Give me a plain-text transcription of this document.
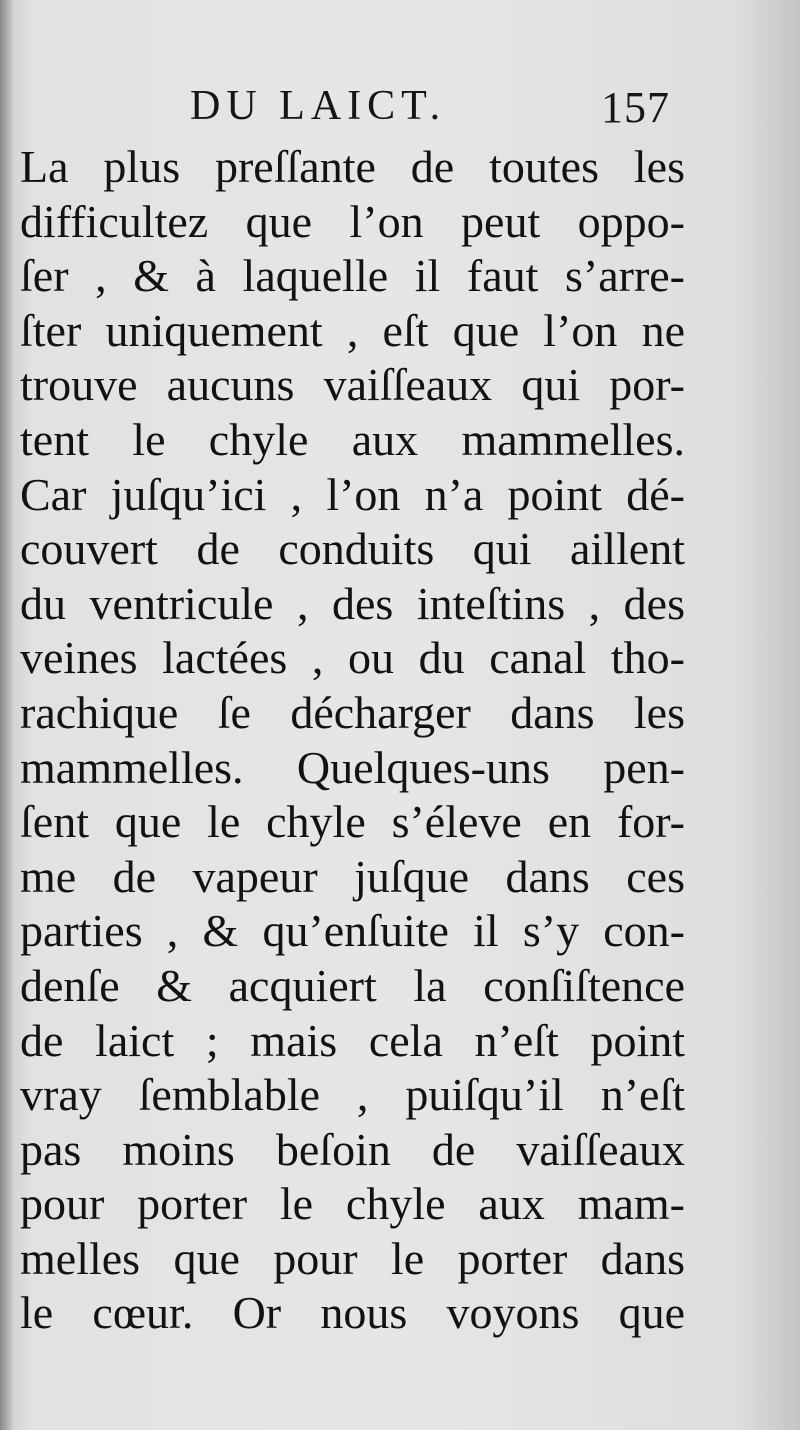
DU LAICT.	157
La plus preſſante de toutes les
difficultez que l’on peut oppo-
ſer , & à laquelle il faut s’arre-
ſter uniquement , eſt que l’on ne
trouve aucuns vaiſſeaux qui por-
tent le chyle aux mammelles.
Car juſqu’ici , l’on n’a point dé-
couvert de conduits qui aillent
du ventricule , des inteſtins , des
veines lactées , ou du canal tho-
rachique ſe décharger dans les
mammelles. Quelques-uns pen-
ſent que le chyle s’éleve en for-
me de vapeur juſque dans ces
parties , & qu’enſuite il s’y con-
denſe & acquiert la conſiſtence
de laict ; mais cela n’eſt point
vray ſemblable , puiſqu’il n’eſt
pas moins beſoin de vaiſſeaux
pour porter le chyle aux mam-
melles que pour le porter dans
le cœur. Or nous voyons que
